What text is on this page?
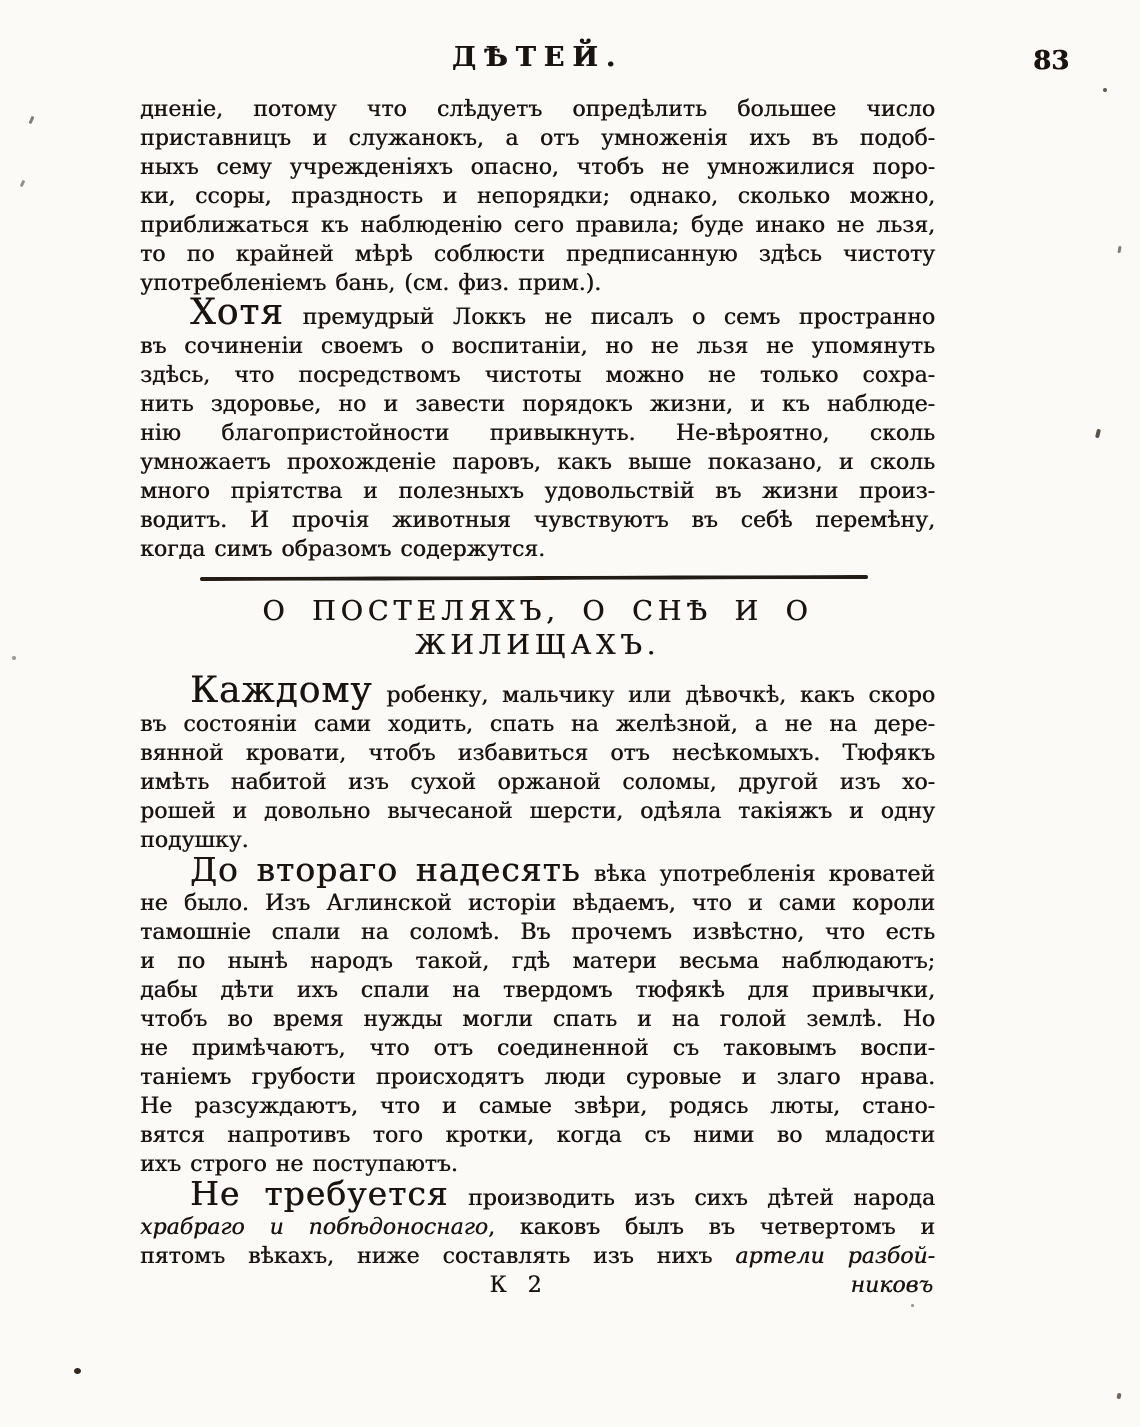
ДѢТЕЙ.	83
дненіе, потому что слѣдуетъ опредѣлить большее число
приставницъ и служанокъ, а отъ умноженія ихъ въ подоб-
ныхъ сему учрежденіяхъ опасно, чтобъ не умножилися поро-
ки, ссоры, праздность и непорядки; однако, сколько можно,
приближаться къ наблюденію сего правила; буде инако не льзя,
то по крайней мѣрѣ соблюсти предписанную здѣсь чистоту
употребленіемъ бань, (см. физ. прим.).
Хотя премудрый Локкъ не писалъ о семъ пространно
въ сочиненіи своемъ о воспитаніи, но не льзя не упомянуть
здѣсь, что посредствомъ чистоты можно не только сохра-
нить здоровье, но и завести порядокъ жизни, и къ наблюде-
нію благопристойности привыкнуть. Не-вѣроятно, сколь
умножаетъ прохожденіе паровъ, какъ выше показано, и сколь
много пріятства и полезныхъ удовольствій въ жизни произ-
водитъ. И прочія животныя чувствуютъ въ себѣ перемѣну,
когда симъ образомъ содержутся.
О ПОСТЕЛЯХЪ, О СНѢ И О ЖИЛИЩАХЪ.
Каждому робенку, мальчику или дѣвочкѣ, какъ скоро
въ состояніи сами ходить, спать на желѣзной, а не на дере-
вянной кровати, чтобъ избавиться отъ несѣкомыхъ. Тюфякъ
имѣть набитой изъ сухой оржаной соломы, другой изъ хо-
рошей и довольно вычесаной шерсти, одѣяла такіяжъ и одну
подушку.
До втораго надесять вѣка употребленія кроватей
не было. Изъ Аглинской исторіи вѣдаемъ, что и сами короли
тамошніе спали на соломѣ. Въ прочемъ извѣстно, что есть
и по нынѣ народъ такой, гдѣ матери весьма наблюдаютъ;
дабы дѣти ихъ спали на твердомъ тюфякѣ для привычки,
чтобъ во время нужды могли спать и на голой землѣ. Но
не примѣчаютъ, что отъ соединенной съ таковымъ воспи-
таніемъ грубости происходятъ люди суровые и злаго нрава.
Не разсуждаютъ, что и самые звѣри, родясь люты, стано-
вятся напротивъ того кротки, когда съ ними во младости
ихъ строго не поступаютъ.
Не требуется производить изъ сихъ дѣтей народа
храбраго и побѣдоноснаго, каковъ былъ въ четвертомъ и
пятомъ вѣкахъ, ниже составлять изъ нихъ артели разбой-
К 2	никовъ
